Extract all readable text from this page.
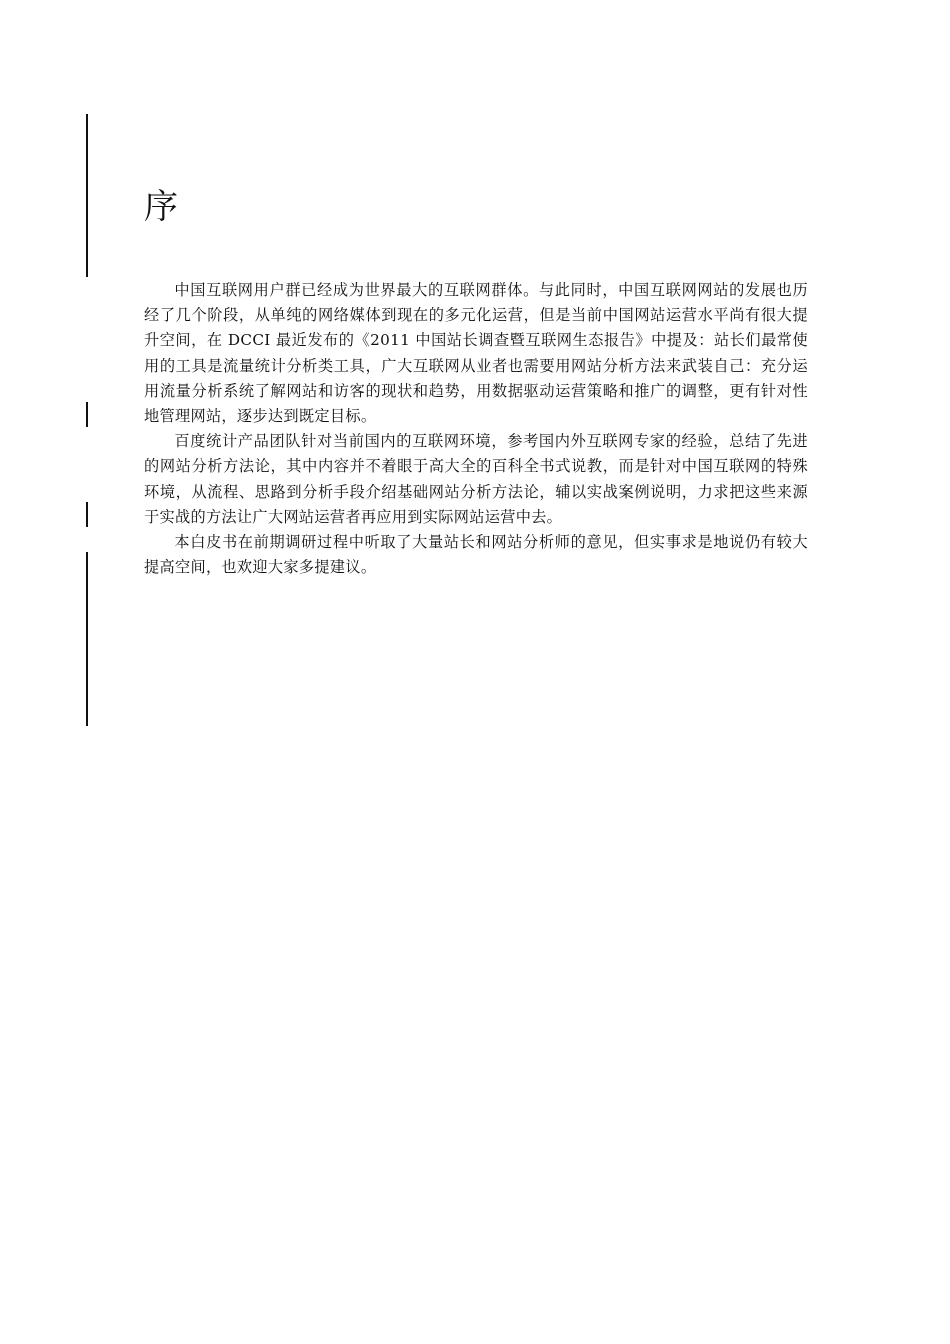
序

中国互联网用户群已经成为世界最大的互联网群体。与此同时，中国互联网网站的发展也历经了几个阶段，从单纯的网络媒体到现在的多元化运营，但是当前中国网站运营水平尚有很大提升空间，在 DCCI 最近发布的《2011 中国站长调查暨互联网生态报告》中提及：站长们最常使用的工具是流量统计分析类工具，广大互联网从业者也需要用网站分析方法来武装自己：充分运用流量分析系统了解网站和访客的现状和趋势，用数据驱动运营策略和推广的调整，更有针对性地管理网站，逐步达到既定目标。

百度统计产品团队针对当前国内的互联网环境，参考国内外互联网专家的经验，总结了先进的网站分析方法论，其中内容并不着眼于高大全的百科全书式说教，而是针对中国互联网的特殊环境，从流程、思路到分析手段介绍基础网站分析方法论，辅以实战案例说明，力求把这些来源于实战的方法让广大网站运营者再应用到实际网站运营中去。

本白皮书在前期调研过程中听取了大量站长和网站分析师的意见，但实事求是地说仍有较大提高空间，也欢迎大家多提建议。
